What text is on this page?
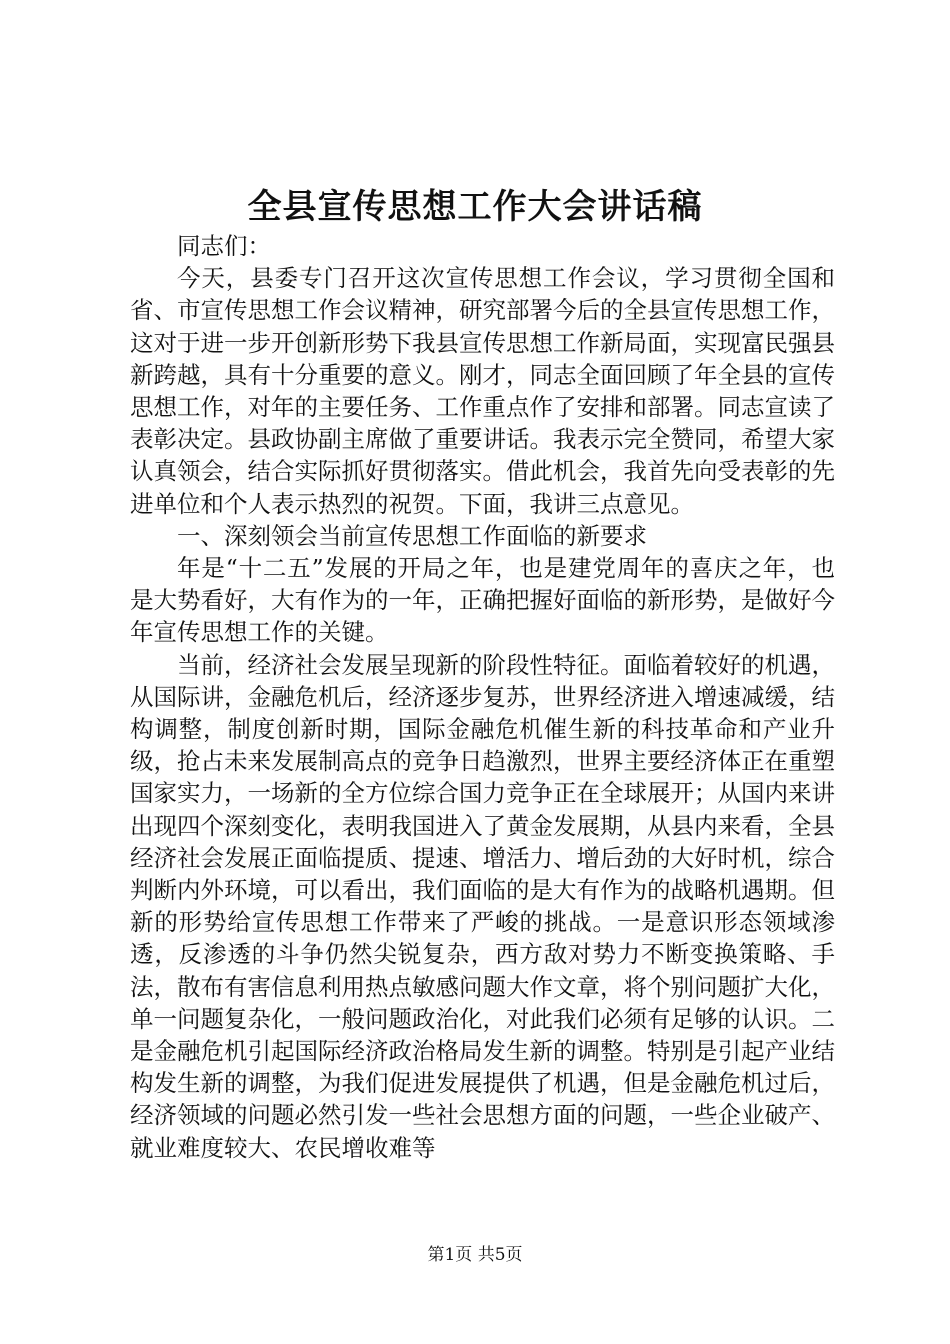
全县宣传思想工作大会讲话稿

同志们：

今天，县委专门召开这次宣传思想工作会议，学习贯彻全国和省、市宣传思想工作会议精神，研究部署今后的全县宣传思想工作，这对于进一步开创新形势下我县宣传思想工作新局面，实现富民强县新跨越，具有十分重要的意义。刚才，同志全面回顾了年全县的宣传思想工作，对年的主要任务、工作重点作了安排和部署。同志宣读了表彰决定。县政协副主席做了重要讲话。我表示完全赞同，希望大家认真领会，结合实际抓好贯彻落实。借此机会，我首先向受表彰的先进单位和个人表示热烈的祝贺。下面，我讲三点意见。

一、深刻领会当前宣传思想工作面临的新要求

年是“十二五”发展的开局之年，也是建党周年的喜庆之年，也是大势看好，大有作为的一年，正确把握好面临的新形势，是做好今年宣传思想工作的关键。

当前，经济社会发展呈现新的阶段性特征。面临着较好的机遇，从国际讲，金融危机后，经济逐步复苏，世界经济进入增速减缓，结构调整，制度创新时期，国际金融危机催生新的科技革命和产业升级，抢占未来发展制高点的竞争日趋激烈，世界主要经济体正在重塑国家实力，一场新的全方位综合国力竞争正在全球展开；从国内来讲出现四个深刻变化，表明我国进入了黄金发展期，从县内来看，全县经济社会发展正面临提质、提速、增活力、增后劲的大好时机，综合判断内外环境，可以看出，我们面临的是大有作为的战略机遇期。但新的形势给宣传思想工作带来了严峻的挑战。一是意识形态领域渗透，反渗透的斗争仍然尖锐复杂，西方敌对势力不断变换策略、手法，散布有害信息利用热点敏感问题大作文章，将个别问题扩大化，单一问题复杂化，一般问题政治化，对此我们必须有足够的认识。二是金融危机引起国际经济政治格局发生新的调整。特别是引起产业结构发生新的调整，为我们促进发展提供了机遇，但是金融危机过后，经济领域的问题必然引发一些社会思想方面的问题，一些企业破产、就业难度较大、农民增收难等

第1页 共5页
